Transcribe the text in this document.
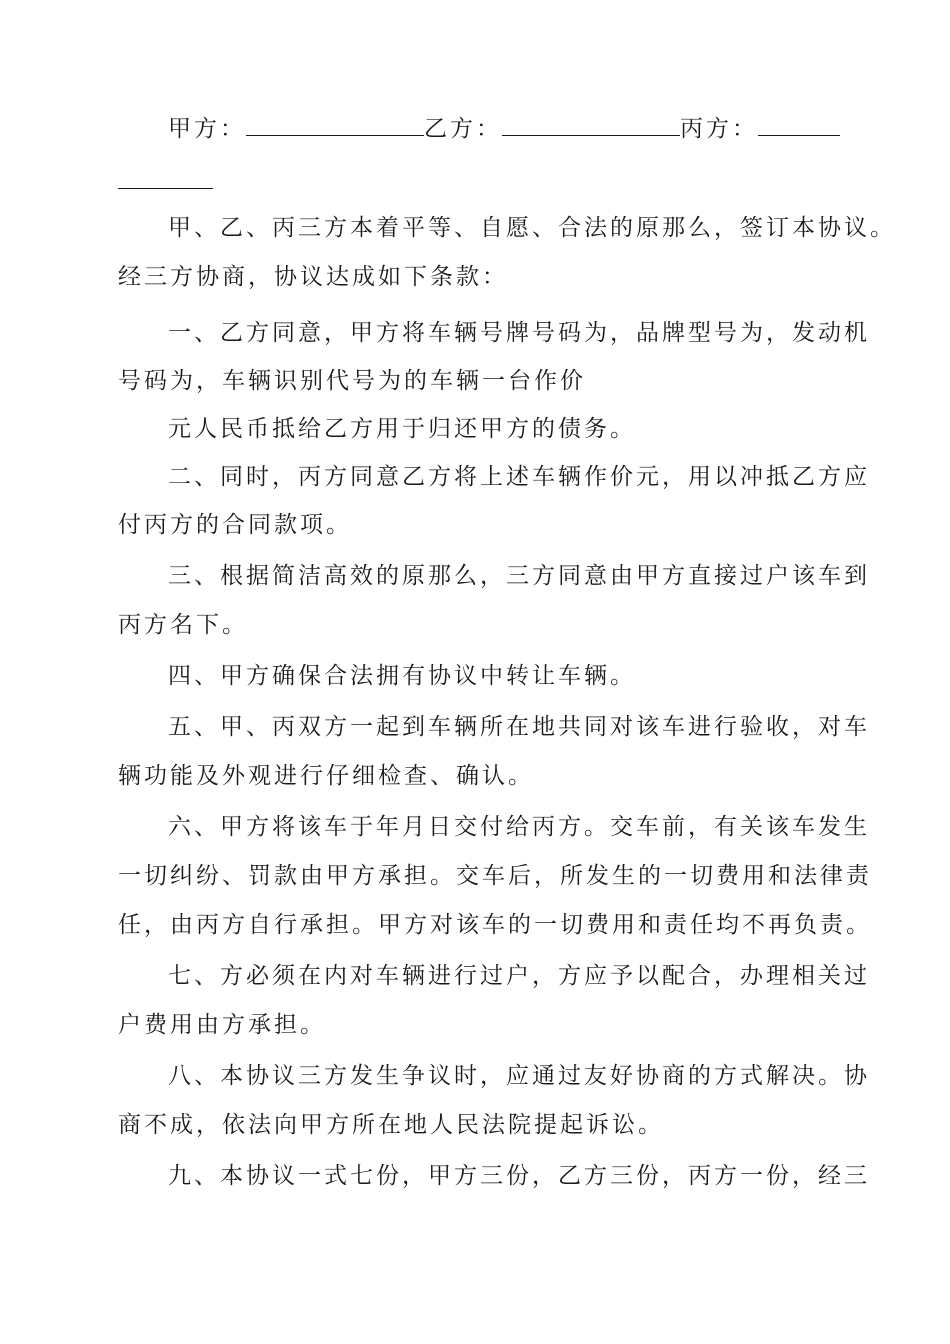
甲方：	乙方：	丙方：
甲、乙、丙三方本着平等、自愿、合法的原那么，签订本协议。
经三方协商，协议达成如下条款：
一、乙方同意，甲方将车辆号牌号码为，品牌型号为，发动机
号码为，车辆识别代号为的车辆一台作价
元人民币抵给乙方用于归还甲方的债务。
二、同时，丙方同意乙方将上述车辆作价元，用以冲抵乙方应
付丙方的合同款项。
三、根据简洁高效的原那么，三方同意由甲方直接过户该车到
丙方名下。
四、甲方确保合法拥有协议中转让车辆。
五、甲、丙双方一起到车辆所在地共同对该车进行验收，对车
辆功能及外观进行仔细检查、确认。
六、甲方将该车于年月日交付给丙方。交车前，有关该车发生
一切纠纷、罚款由甲方承担。交车后，所发生的一切费用和法律责
任，由丙方自行承担。甲方对该车的一切费用和责任均不再负责。
七、方必须在内对车辆进行过户，方应予以配合，办理相关过
户费用由方承担。
八、本协议三方发生争议时，应通过友好协商的方式解决。协
商不成，依法向甲方所在地人民法院提起诉讼。
九、本协议一式七份，甲方三份，乙方三份，丙方一份，经三
